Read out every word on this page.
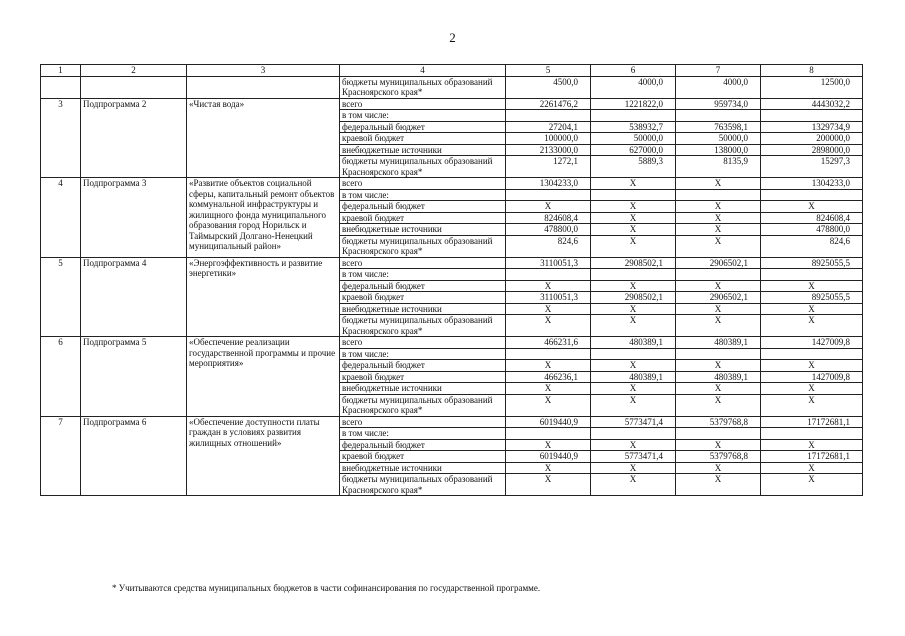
2
1	2	3	4	5	6	7	8
			бюджеты муниципальных образований Красноярского края*	4500,0	4000,0	4000,0	12500,0
3	Подпрограмма 2	«Чистая вода»	всего	2261476,2	1221822,0	959734,0	4443032,2
			в том числе:				
			федеральный бюджет	27204,1	538932,7	763598,1	1329734,9
			краевой бюджет	100000,0	50000,0	50000,0	200000,0
			внебюджетные источники	2133000,0	627000,0	138000,0	2898000,0
			бюджеты муниципальных образований Красноярского края*	1272,1	5889,3	8135,9	15297,3
4	Подпрограмма 3	«Развитие объектов социальной сферы, капитальный ремонт объектов коммунальной инфраструктуры и жилищного фонда муниципального образования город Норильск и Таймырский Долгано-Ненецкий муниципальный район»	всего	1304233,0	X	X	1304233,0
			в том числе:				
			федеральный бюджет	X	X	X	X
			краевой бюджет	824608,4	X	X	824608,4
			внебюджетные источники	478800,0	X	X	478800,0
			бюджеты муниципальных образований Красноярского края*	824,6	X	X	824,6
5	Подпрограмма 4	«Энергоэффективность и развитие энергетики»	всего	3110051,3	2908502,1	2906502,1	8925055,5
			в том числе:				
			федеральный бюджет	X	X	X	X
			краевой бюджет	3110051,3	2908502,1	2906502,1	8925055,5
			внебюджетные источники	X	X	X	X
			бюджеты муниципальных образований Красноярского края*	X	X	X	X
6	Подпрограмма 5	«Обеспечение реализации государственной программы и прочие мероприятия»	всего	466231,6	480389,1	480389,1	1427009,8
			в том числе:				
			федеральный бюджет	X	X	X	X
			краевой бюджет	466236,1	480389,1	480389,1	1427009,8
			внебюджетные источники	X	X	X	X
			бюджеты муниципальных образований Красноярского края*	X	X	X	X
7	Подпрограмма 6	«Обеспечение доступности платы граждан в условиях развития жилищных отношений»	всего	6019440,9	5773471,4	5379768,8	17172681,1
			в том числе:				
			федеральный бюджет	X	X	X	X
			краевой бюджет	6019440,9	5773471,4	5379768,8	17172681,1
			внебюджетные источники	X	X	X	X
			бюджеты муниципальных образований Красноярского края*	X	X	X	X
* Учитываются средства муниципальных бюджетов в части софинансирования по государственной программе.
